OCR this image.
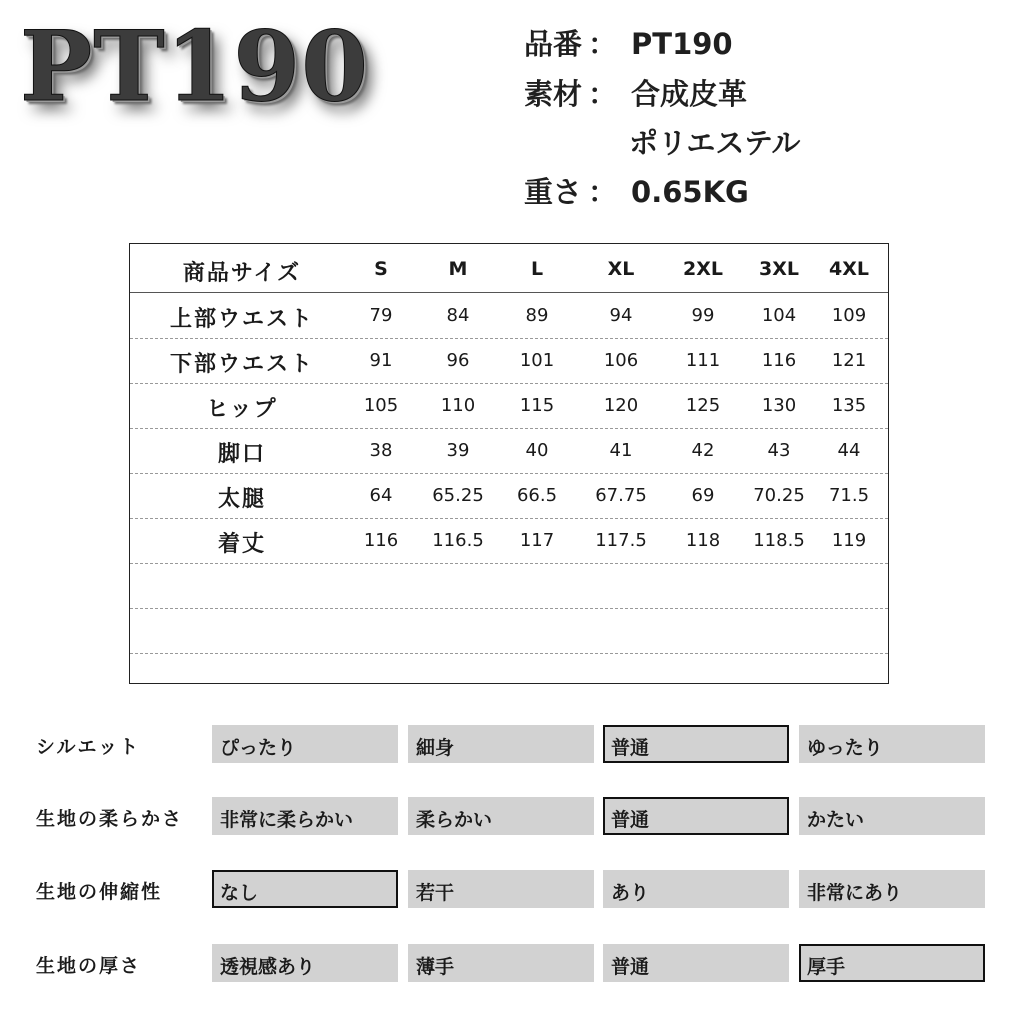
PT190	品番 ： PT190
素材 ： 合成皮革
ポリエステル
重さ ： 0.65KG
商品サイズ	S	M	L	XL	2XL	3XL	4XL
上部ウエスト	79	84	89	94	99	104	109
下部ウエスト	91	96	101	106	111	116	121
ヒップ	105	110	115	120	125	130	135
脚口	38	39	40	41	42	43	44
太腿	64	65.25	66.5	67.75	69	70.25	71.5
着丈	116	116.5	117	117.5	118	118.5	119
シルエット	ぴったり	細身	普通	ゆったり
生地の柔らかさ	非常に柔らかい	柔らかい	普通	かたい
生地の伸縮性	なし	若干	あり	非常にあり
生地の厚さ	透視感あり	薄手	普通	厚手
